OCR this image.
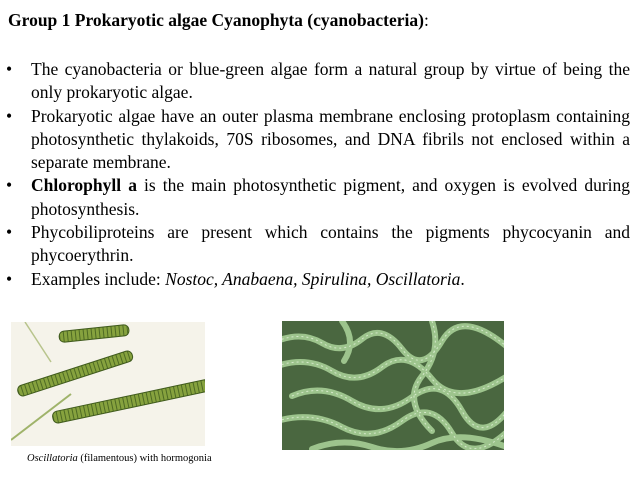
Group 1 Prokaryotic algae Cyanophyta (cyanobacteria):
• The cyanobacteria or blue-green algae form a natural group by virtue of being the only prokaryotic algae.
• Prokaryotic algae have an outer plasma membrane enclosing protoplasm containing photosynthetic thylakoids, 70S ribosomes, and DNA fibrils not enclosed within a separate membrane.
• Chlorophyll a is the main photosynthetic pigment, and oxygen is evolved during photosynthesis.
• Phycobiliproteins are present which contains the pigments phycocyanin and phycoerythrin.
• Examples include: Nostoc, Anabaena, Spirulina, Oscillatoria.
Oscillatoria (filamentous) with hormogonia
